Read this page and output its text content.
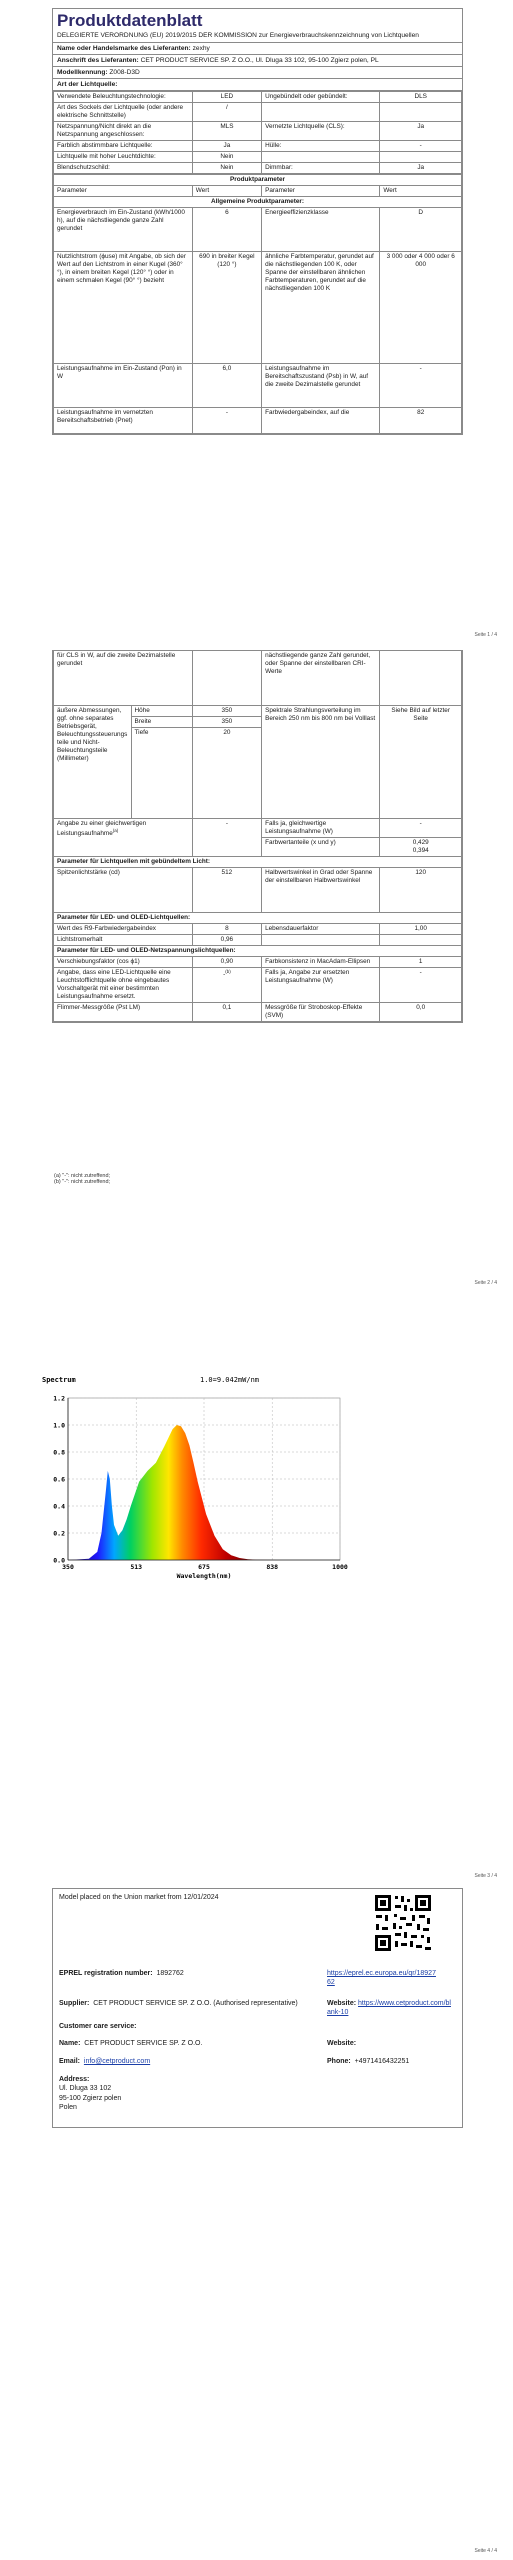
Produktdatenblatt
DELEGIERTE VERORDNUNG (EU) 2019/2015 DER KOMMISSION zur Energieverbrauchskennzeichnung von Lichtquellen
Name oder Handelsmarke des Lieferanten: zexhy
Anschrift des Lieferanten: CET PRODUCT SERVICE SP. Z O.O., Ul. Dluga 33 102, 95-100 Zgierz polen, PL
Modellkennung: Z008-D3D
Art der Lichtquelle:
Verwendete Beleuchtungstechnologie:	LED	Ungebündelt oder gebündelt:	DLS
Art des Sockels der Lichtquelle (oder andere elektrische Schnittstelle)	/		
Netzspannung/Nicht direkt an die Netzspannung angeschlossen:	MLS	Vernetzte Lichtquelle (CLS):	Ja
Farblich abstimmbare Lichtquelle:	Ja	Hülle:	-
Lichtquelle mit hoher Leuchtdichte:	Nein		
Blendschutzschild:	Nein	Dimmbar:	Ja
Produktparameter			
Parameter	Wert	Parameter	Wert
Allgemeine Produktparameter:			
Energieverbrauch im Ein-Zustand (kWh/1000 h), auf die nächstliegende ganze Zahl gerundet	6	Energieeffizienzklasse	D
Nutzlichtstrom (ϕuse) mit Angabe, ob sich der Wert auf den Lichtstrom in einer Kugel (360° °), in einem breiten Kegel (120° °) oder in einem schmalen Kegel (90° °) bezieht	690 in breiter Kegel (120 °)	ähnliche Farbtemperatur, gerundet auf die nächstliegenden 100 K, oder Spanne der einstellbaren ähnlichen Farbtemperaturen, gerundet auf die nächstliegenden 100 K	3 000 oder 4 000 oder 6 000
Leistungsaufnahme im Ein-Zustand (Pon) in W	6,0	Leistungsaufnahme im Bereitschaftszustand (Psb) in W, auf die zweite Dezimalstelle gerundet	-
Leistungsaufnahme im vernetzten Bereitschaftsbetrieb (Pnet)	-	Farbwiedergabeindex, auf die	82
Seite 1 / 4
für CLS in W, auf die zweite Dezimalstelle gerundet			nächstliegende ganze Zahl gerundet, oder Spanne der einstellbaren CRI-Werte	
äußere Abmessungen, ggf. ohne separates Betriebsgerät, Beleuchtungssteuerungsteile und Nicht-Beleuchtungsteile (Millimeter)	Höhe	350	Spektrale Strahlungsverteilung im Bereich 250 nm bis 800 nm bei Volllast	Siehe Bild auf letzter Seite
	Breite	350		
	Tiefe	20		
Angabe zu einer gleichwertigen Leistungsaufnahme$^{(a)}$		-	Falls ja, gleichwertige Leistungsaufnahme (W)	-
			Farbwertanteile (x und y)	0,429
0,394

Parameter für Lichtquellen mit gebündeltem Licht:				
Spitzenlichtstärke (cd)		512	Halbwertswinkel in Grad oder Spanne der einstellbaren Halbwertswinkel	120
Parameter für LED- und OLED-Lichtquellen:				
Wert des R9-Farbwiedergabeindex		8	Lebensdauerfaktor	1,00
Lichtstromerhalt		0,96		
Parameter für LED- und OLED-Netzspannungslichtquellen:				
Verschiebungsfaktor (cos ϕ1)		0,90	Farbkonsistenz in MacAdam-Ellipsen	1
Angabe, dass eine LED-Lichtquelle eine Leuchtstofflichtquelle ohne eingebautes Vorschaltgerät mit einer bestimmten Leistungsaufnahme ersetzt.		-$^{(b)}$	Falls ja, Angabe zur ersetzten Leistungsaufnahme (W)	-
Flimmer-Messgröße (Pst LM)		0,1	Messgröße für Stroboskop-Effekte (SVM)	0,0
(a) "-": nicht zutreffend;
(b) "-": nicht zutreffend;
Seite 2 / 4
Spectrum	1.0=9.042mW/nm
0.0
0.2
0.4
0.6
0.8
1.0
1.2
350	513	675	838	1000
Wavelength(nm)
Seite 3 / 4
Model placed on the Union market from 12/01/2024
EPREL registration number: 1892762	https://eprel.ec.europa.eu/qr/1892762
Supplier: CET PRODUCT SERVICE SP. Z O.O. (Authorised representative)	Website: https://www.cetproduct.com/blank-10
Customer care service:
Name: CET PRODUCT SERVICE SP. Z O.O.	Website:
Email: info@cetproduct.com	Phone: +4971416432251
Address:
Ul. Dluga 33 102
95-100 Zgierz polen
Polen
Seite 4 / 4
